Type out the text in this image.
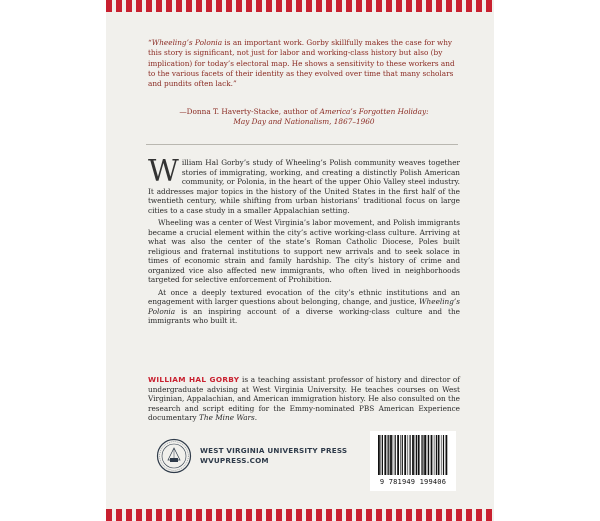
“Wheeling’s Polonia is an important work. Gorby skillfully makes the case for why this story is significant, not just for labor and working-class history but also (by implication) for today’s electoral map. He shows a sensitivity to these workers and to the various facets of their identity as they evolved over time that many scholars and pundits often lack.”
—Donna T. Haverty-Stacke, author of America’s Forgotten Holiday:
May Day and Nationalism, 1867–1960

William Hal Gorby’s study of Wheeling’s Polish community weaves together stories of immigrating, working, and creating a distinctly Polish American community, or Polonia, in the heart of the upper Ohio Valley steel industry. It addresses major topics in the history of the United States in the first half of the twentieth century, while shifting from urban historians’ traditional focus on large cities to a case study in a smaller Appalachian setting.

Wheeling was a center of West Virginia’s labor movement, and Polish immigrants became a crucial element within the city’s active working-class culture. Arriving at what was also the center of the state’s Roman Catholic Diocese, Poles built religious and fraternal institutions to support new arrivals and to seek solace in times of economic strain and family hardship. The city’s history of crime and organized vice also affected new immigrants, who often lived in neighborhoods targeted for selective enforcement of Prohibition.

At once a deeply textured evocation of the city’s ethnic institutions and an engagement with larger questions about belonging, change, and justice, Wheeling’s Polonia is an inspiring account of a diverse working-class culture and the immigrants who built it.

WILLIAM HAL GORBY is a teaching assistant professor of history and director of undergraduate advising at West Virginia University. He teaches courses on West Virginian, Appalachian, and American immigration history. He also consulted on the research and script editing for the Emmy-nominated PBS American Experience documentary The Mine Wars.
WEST VIRGINIA UNIVERSITY PRESS
WVUPRESS.COM
9 781949 199406
